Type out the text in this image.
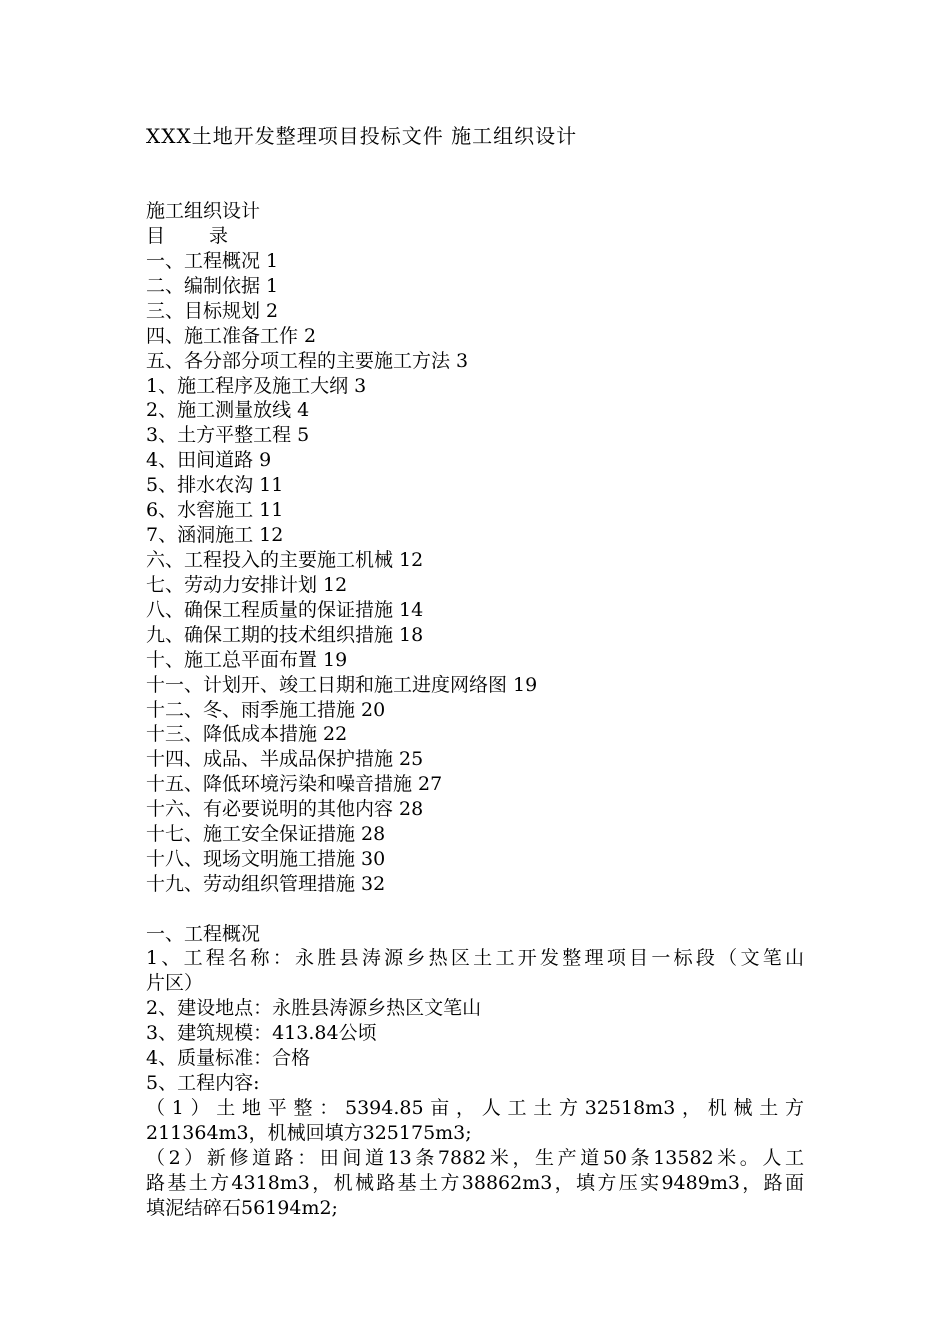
XXX土地开发整理项目投标文件 施工组织设计
施工组织设计
目　　录
一、工程概况 1
二、编制依据 1
三、目标规划 2
四、施工准备工作 2
五、各分部分项工程的主要施工方法 3
1、施工程序及施工大纲 3
2、施工测量放线 4
3、土方平整工程 5
4、田间道路 9
5、排水农沟 11
6、水窖施工 11
7、涵洞施工 12
六、工程投入的主要施工机械 12
七、劳动力安排计划 12
八、确保工程质量的保证措施 14
九、确保工期的技术组织措施 18
十、施工总平面布置 19
十一、计划开、竣工日期和施工进度网络图 19
十二、冬、雨季施工措施 20
十三、降低成本措施 22
十四、成品、半成品保护措施 25
十五、降低环境污染和噪音措施 27
十六、有必要说明的其他内容 28
十七、施工安全保证措施 28
十八、现场文明施工措施 30
十九、劳动组织管理措施 32
一、工程概况
1、工程名称：永胜县涛源乡热区土工开发整理项目一标段（文笔山
片区）
2、建设地点：永胜县涛源乡热区文笔山
3、建筑规模：413.84公顷
4、质量标准：合格
5、工程内容:
（1）土地平整：5394.85亩，人工土方32518m3，机械土方
211364m3，机械回填方325175m3;
（2）新修道路：田间道13条7882米，生产道50条13582米。人工
路基土方4318m3，机械路基土方38862m3，填方压实9489m3，路面
填泥结碎石56194m2;
